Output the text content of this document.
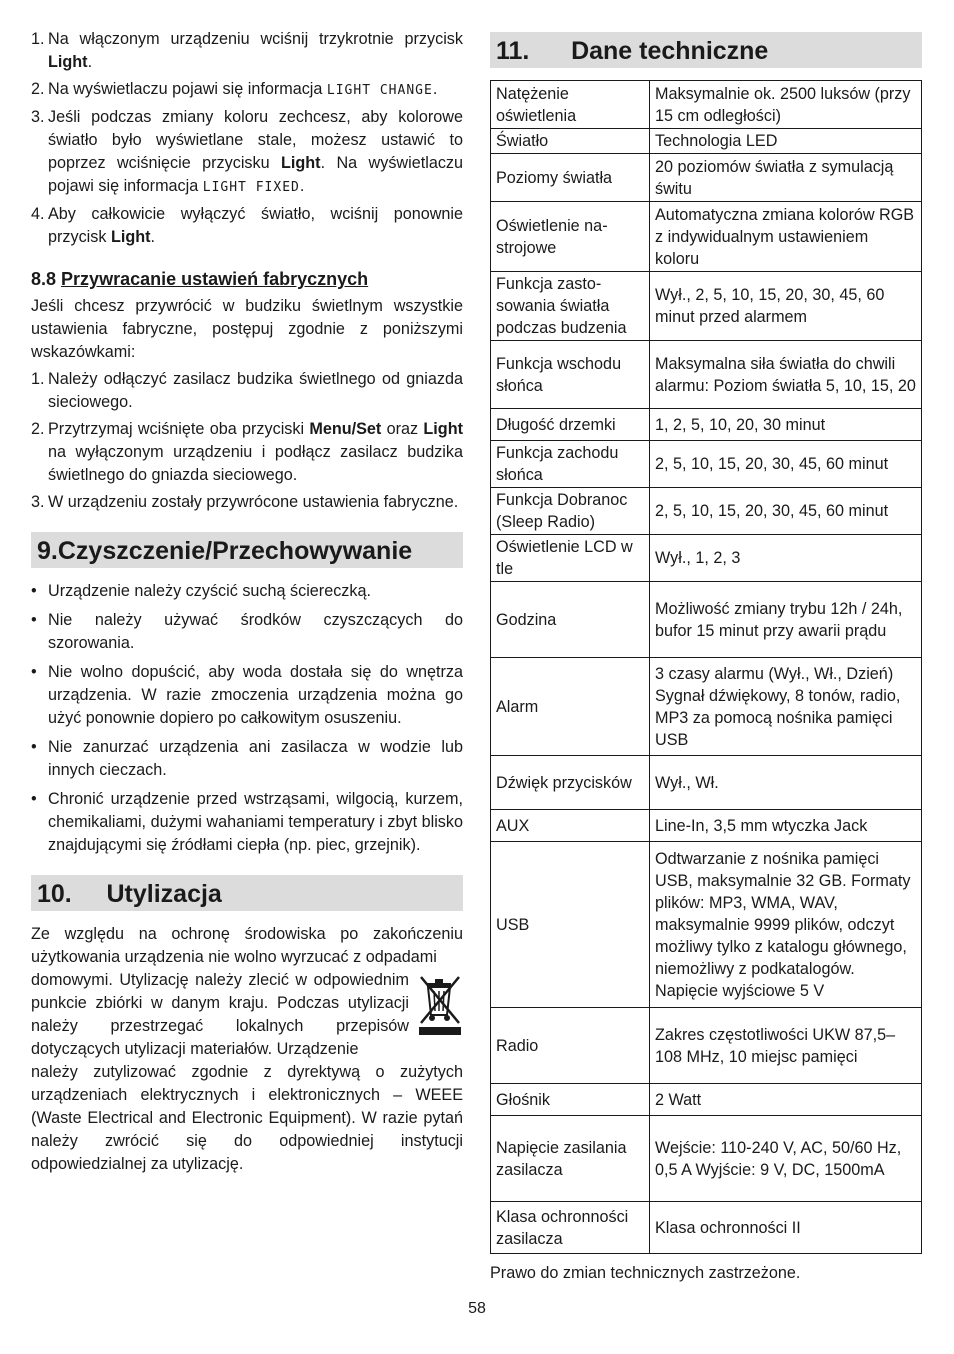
1. Na włączonym urządzeniu wciśnij trzykrotnie przycisk Light.
2. Na wyświetlaczu pojawi się informacja LIGHT CHANGE.
3. Jeśli podczas zmiany koloru zechcesz, aby kolorowe światło było wyświetlane stale, możesz ustawić to poprzez wciśnięcie przycisku Light. Na wyświetlaczu pojawi się informacja LIGHT FIXED.
4. Aby całkowicie wyłączyć światło, wciśnij ponownie przycisk Light.
8.8 Przywracanie ustawień fabrycznych
Jeśli chcesz przywrócić w budziku świetlnym wszystkie ustawienia fabryczne, postępuj zgodnie z poniższymi wskazówkami:
1. Należy odłączyć zasilacz budzika świetlnego od gniazda sieciowego.
2. Przytrzymaj wciśnięte oba przyciski Menu/Set oraz Light na wyłączonym urządzeniu i podłącz zasilacz budzika świetlnego do gniazda sieciowego.
3. W urządzeniu zostały przywrócone ustawienia fabryczne.
9.Czyszczenie/Przechowywanie
• Urządzenie należy czyścić suchą ściereczką.
• Nie należy używać środków czyszczących do szorowania.
• Nie wolno dopuścić, aby woda dostała się do wnętrza urządzenia. W razie zmoczenia urządzenia można go użyć ponownie dopiero po całkowitym osuszeniu.
• Nie zanurzać urządzenia ani zasilacza w wodzie lub innych cieczach.
• Chronić urządzenie przed wstrząsami, wilgocią, kurzem, chemikaliami, dużymi wahaniami temperatury i zbyt blisko znajdującymi się źródłami ciepła (np. piec, grzejnik).
10. Utylizacja
Ze względu na ochronę środowiska po zakończeniu użytkowania urządzenia nie wolno wyrzucać z odpadami
domowymi. Utylizację należy zlecić w odpowiednim punkcie zbiórki w danym kraju. Podczas utylizacji należy przestrzegać lokalnych przepisów dotyczących utylizacji materiałów. Urządzenie
należy zutylizować zgodnie z dyrektywą o zużytych urządzeniach elektrycznych i elektronicznych – WEEE (Waste Electrical and Electronic Equipment). W razie pytań należy zwrócić się do odpowiedniej instytucji odpowiedzialnej za utylizację.
11. Dane techniczne
Natężenie oświetlenia	Maksymalnie ok. 2500 luksów (przy 15 cm odległości)
Światło	Technologia LED
Poziomy światła	20 poziomów światła z symulacją świtu
Oświetlenie nastrojowe	Automatyczna zmiana kolorów RGB z indywidualnym ustawieniem koloru
Funkcja zastosowania światła podczas budzenia	Wył., 2, 5, 10, 15, 20, 30, 45, 60 minut przed alarmem
Funkcja wschodu słońca	Maksymalna siła światła do chwili alarmu: Poziom światła 5, 10, 15, 20
Długość drzemki	1, 2, 5, 10, 20, 30 minut
Funkcja zachodu słońca	2, 5, 10, 15, 20, 30, 45, 60 minut
Funkcja Dobranoc (Sleep Radio)	2, 5, 10, 15, 20, 30, 45, 60 minut
Oświetlenie LCD w tle	Wył., 1, 2, 3
Godzina	Możliwość zmiany trybu 12h / 24h, bufor 15 minut przy awarii prądu
Alarm	3 czasy alarmu (Wył., Wł., Dzień) Sygnał dźwiękowy, 8 tonów, radio, MP3 za pomocą nośnika pamięci USB
Dźwięk przycisków	Wył., Wł.
AUX	Line-In, 3,5 mm wtyczka Jack
USB	Odtwarzanie z nośnika pamięci USB, maksymalnie 32 GB. Formaty plików: MP3, WMA, WAV, maksymalnie 9999 plików, odczyt możliwy tylko z katalogu głównego, niemożliwy z podkatalogów. Napięcie wyjściowe 5 V
Radio	Zakres częstotliwości UKW 87,5–108 MHz, 10 miejsc pamięci
Głośnik	2 Watt
Napięcie zasilania zasilacza	Wejście: 110-240 V, AC, 50/60 Hz, 0,5 A Wyjście: 9 V, DC, 1500mA
Klasa ochronności zasilacza	Klasa ochronności II
Prawo do zmian technicznych zastrzeżone.
58
